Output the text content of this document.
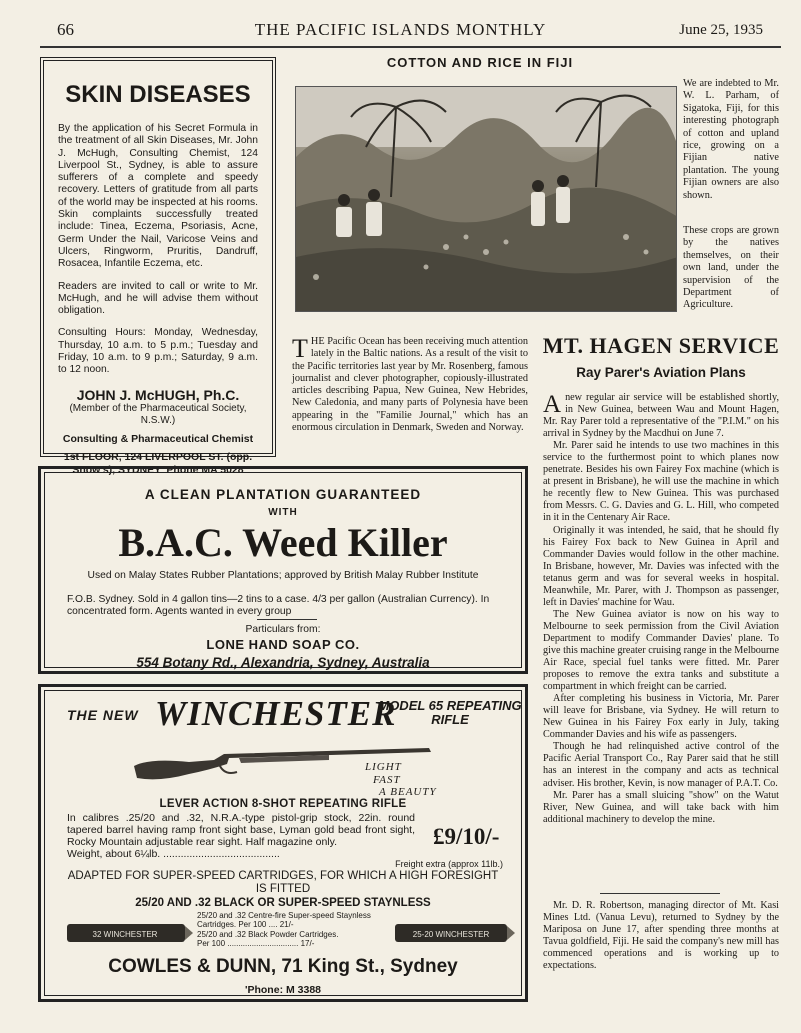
66	THE PACIFIC ISLANDS MONTHLY	June 25, 1935
SKIN DISEASES

By the application of his Secret Formula in the treatment of all Skin Diseases, Mr. John J. McHugh, Consulting Chemist, 124 Liverpool St., Sydney, is able to assure sufferers of a complete and speedy recovery. Letters of gratitude from all parts of the world may be inspected at his rooms. Skin complaints successfully treated include: Tinea, Eczema, Psoriasis, Acne, Germ Under the Nail, Varicose Veins and Ulcers, Ringworm, Pruritis, Dandruff, Rosacea, Infantile Eczema, etc.

Readers are invited to call or write to Mr. McHugh, and he will advise them without obligation.

Consulting Hours: Monday, Wednesday, Thursday, 10 a.m. to 5 p.m.; Tuesday and Friday, 10 a.m. to 9 p.m.; Saturday, 9 a.m. to 12 noon.

JOHN J. McHUGH, Ph.C.
(Member of the Pharmaceutical Society, N.S.W.)
Consulting & Pharmaceutical Chemist
1st FLOOR, 124 LIVERPOOL ST. (opp. Snow's), SYDNEY 'Phone MA 5028
COTTON AND RICE IN FIJI
We are indebted to Mr. W. L. Parham, of Sigatoka, Fiji, for this interesting photograph of cotton and upland rice, growing on a Fijian native plantation. The young Fijian owners are also shown.
These crops are grown by the natives themselves, on their own land, under the supervision of the Department of Agriculture.
T HE Pacific Ocean has been receiving much attention lately in the Baltic nations. As a result of the visit to the Pacific territories last year by Mr. Rosenberg, famous journalist and clever photographer, copiously-illustrated articles describing Papua, New Guinea, New Hebrides, New Caledonia, and many parts of Polynesia have been appearing in the "Familie Journal," which has an enormous circulation in Denmark, Sweden and Norway.
MT. HAGEN SERVICE
Ray Parer's Aviation Plans

Anew regular air service will be established shortly, in New Guinea, between Wau and Mount Hagen, Mr. Ray Parer told a representative of the "P.I.M." on his arrival in Sydney by the Macdhui on June 7.

Mr. Parer said he intends to use two machines in this service to the furthermost point to which planes now penetrate. Besides his own Fairey Fox machine (which is at present in Brisbane), he will use the machine in which he recently flew to New Guinea. This was purchased from Messrs. C. G. Davies and G. L. Hill, who competed in it in the Centenary Air Race.

Originally it was intended, he said, that he should fly his Fairey Fox back to New Guinea in April and Commander Davies would follow in the other machine. In Brisbane, however, Mr. Davies was infected with the tetanus germ and was for several weeks in hospital. Meanwhile, Mr. Parer, with J. Thompson as passenger, left in Davies' machine for Wau.

The New Guinea aviator is now on his way to Melbourne to seek permission from the Civil Aviation Department to modify Commander Davies' plane. To give this machine greater cruising range in the Melbourne Air Race, special fuel tanks were fitted. Mr. Parer proposes to remove the extra tanks and substitute a compartment in which freight can be carried.

After completing his business in Victoria, Mr. Parer will leave for Brisbane, via Sydney. He will return to New Guinea in his Fairey Fox early in July, taking Commander Davies and his wife as passengers.

Though he had relinquished active control of the Pacific Aerial Transport Co., Ray Parer said that he still has an interest in the company and acts as technical adviser. His brother, Kevin, is now manager of P.A.T. Co.

Mr. Parer has a small sluicing "show" on the Watut River, New Guinea, and will take back with him additional machinery to develop the mine.

Mr. D. R. Robertson, managing director of Mt. Kasi Mines Ltd. (Vanua Levu), returned to Sydney by the Mariposa on June 17, after spending three months at Tavua goldfield, Fiji. He said the company's new mill has commenced operations and is working up to expectations.
A CLEAN PLANTATION GUARANTEED
WITH
B.A.C. Weed Killer
Used on Malay States Rubber Plantations; approved by British Malay Rubber Institute
F.O.B. Sydney. Sold in 4 gallon tins—2 tins to a case. 4/3 per gallon (Australian Currency). In concentrated form. Agents wanted in every group
Particulars from:
LONE HAND SOAP CO.
554 Botany Rd., Alexandria, Sydney, Australia
THE NEW WINCHESTER
MODEL 65 REPEATING RIFLE
LIGHT
FAST
A BEAUTY
LEVER ACTION 8-SHOT REPEATING RIFLE
In calibres .25/20 and .32, N.R.A.-type pistol-grip stock, 22in. round tapered barrel having ramp front sight base, Lyman gold bead front sight, Rocky Mountain adjustable rear sight. Half magazine only.	£9/10/-
Weight, about 6¼lb. ........................................
Freight extra (approx 11lb.)
ADAPTED FOR SUPER-SPEED CARTRIDGES, FOR WHICH A HIGH FORESIGHT IS FITTED
25/20 AND .32 BLACK OR SUPER-SPEED STAYNLESS
32 WINCHESTER
25/20 and .32 Centre-fire Super-speed Staynless Cartridges. Per 100 .... 21/-
25/20 and .32 Black Powder Cartridges.
Per 100 ................................ 17/-
25-20 WINCHESTER
COWLES & DUNN, 71 King St., Sydney
'Phone: M 3388
